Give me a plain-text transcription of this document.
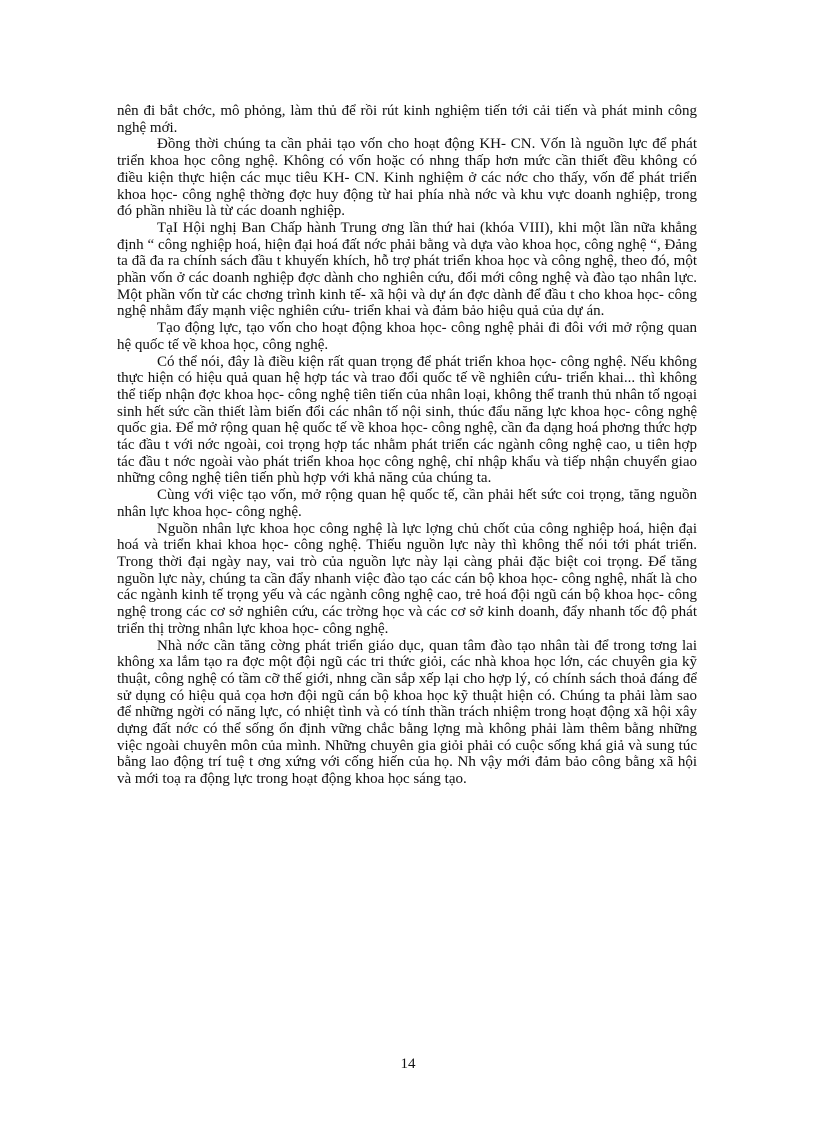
nên đi bắt chớc, mô phỏng, làm thủ để rồi rút kinh nghiệm tiến tới cải tiến và phát minh công nghệ mới.

Đồng thời chúng ta cần phải tạo vốn cho hoạt động KH- CN. Vốn là nguồn lực để phát triển khoa học công nghệ. Không có vốn hoặc có nhng thấp hơn mức cần thiết đều không có điều kiện thực hiện các mục tiêu KH- CN. Kinh nghiệm ở các nớc cho thấy, vốn để phát triển khoa học- công nghệ thờng đợc huy động từ hai phía nhà nớc và khu vực doanh nghiệp, trong đó phần nhiều là từ các doanh nghiệp.

TạI Hội nghị Ban Chấp hành Trung ơng lần thứ hai (khóa VIII), khi một lần nữa khẳng định “ công nghiệp hoá, hiện đại hoá đất nớc phải bằng và dựa vào khoa học, công nghệ “, Đảng ta đã đa ra chính sách đầu t khuyến khích, hỗ trợ phát triển khoa học và công nghệ, theo đó, một phần vốn ở các doanh nghiệp đợc dành cho nghiên cứu, đổi mới công nghệ và đào tạo nhân lực. Một phần vốn từ các chơng trình kinh tế- xã hội và dự án đợc dành để đầu t cho khoa học- công nghệ nhằm đẩy mạnh việc nghiên cứu- triển khai và đảm bảo hiệu quả của dự án.

Tạo động lực, tạo vốn cho hoạt động khoa học- công nghệ phải đi đôi với mở rộng quan hệ quốc tế về khoa học, công nghệ.

Có thể nói, đây là điều kiện rất quan trọng để phát triển khoa học- công nghệ. Nếu không thực hiện có hiệu quả quan hệ hợp tác và trao đổi quốc tế về nghiên cứu- triển khai... thì không thể tiếp nhận đợc khoa học- công nghệ tiên tiến của nhân loại, không thể tranh thủ nhân tố ngoại sinh hết sức cần thiết làm biến đổi các nhân tố nội sinh, thúc đẩu năng lực khoa học- công nghệ quốc gia. Để mở rộng quan hệ quốc tế về khoa học- công nghệ, cần đa dạng hoá phơng thức hợp tác đầu t với nớc ngoài, coi trọng hợp tác nhằm phát triển các ngành công nghệ cao, u tiên hợp tác đầu t nớc ngoài vào phát triển khoa học công nghệ, chỉ nhập khẩu và tiếp nhận chuyển giao những công nghệ tiên tiến phù hợp với khả năng của chúng ta.

Cùng với việc tạo vốn, mở rộng quan hệ quốc tế, cần phải hết sức coi trọng, tăng nguồn nhân lực khoa học- công nghệ.

Nguồn nhân lực khoa học công nghệ là lực lợng chủ chốt của công nghiệp hoá, hiện đại hoá và triển khai khoa học- công nghệ. Thiếu nguồn lực này thì không thể nói tới phát triển. Trong thời đại ngày nay, vai trò của nguồn lực này lại càng phải đặc biệt coi trọng. Để tăng nguồn lực này, chúng ta cần đẩy nhanh việc đào tạo các cán bộ khoa học- công nghệ, nhất là cho các ngành kinh tế trọng yếu và các ngành công nghệ cao, trẻ hoá đội ngũ cán bộ khoa học- công nghệ trong các cơ sở nghiên cứu, các trờng học và các cơ sở kinh doanh, đẩy nhanh tốc độ phát triển thị trờng nhân lực khoa học- công nghệ.

Nhà nớc cần tăng cờng phát triển giáo dục, quan tâm đào tạo nhân tài để trong tơng lai không xa lắm tạo ra đợc một đội ngũ các tri thức giỏi, các nhà khoa học lớn, các chuyên gia kỹ thuật, công nghệ có tầm cỡ thế giới, nhng cần sắp xếp lại cho hợp lý, có chính sách thoả đáng để sử dụng có hiệu quả cọa hơn đội ngũ cán bộ khoa học kỹ thuật hiện có. Chúng ta phải làm sao để những ngời có năng lực, có nhiệt tình và có tính thần trách nhiệm trong hoạt động xã hội xây dựng đất nớc có thể sống ổn định vững chắc bằng lợng mà không phải làm thêm bằng những việc ngoài chuyên môn của mình. Những chuyên gia giỏi phải có cuộc sống khá giả và sung túc bằng lao động trí tuệ t ơng xứng với cống hiến của họ. Nh vậy mới đảm bảo công bằng xã hội và mới toạ ra động lực trong hoạt động khoa học sáng tạo.

14
